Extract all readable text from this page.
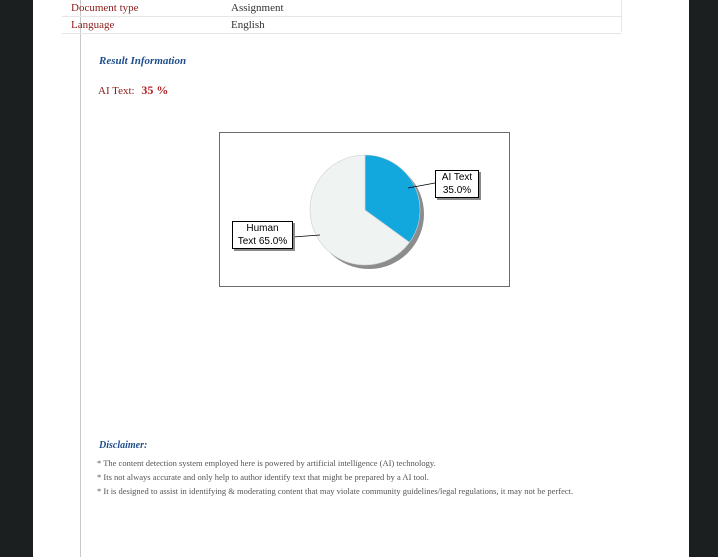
Document type	Assignment
Language	English
Result Information
AI Text: 35 %
AI Text
35.0%
Human
Text 65.0%
Disclaimer:
* The content detection system employed here is powered by artificial intelligence (AI) technology.
* Its not always accurate and only help to author identify text that might be prepared by a AI tool.
* It is designed to assist in identifying & moderating content that may violate community guidelines/legal regulations, it may not be perfect.
